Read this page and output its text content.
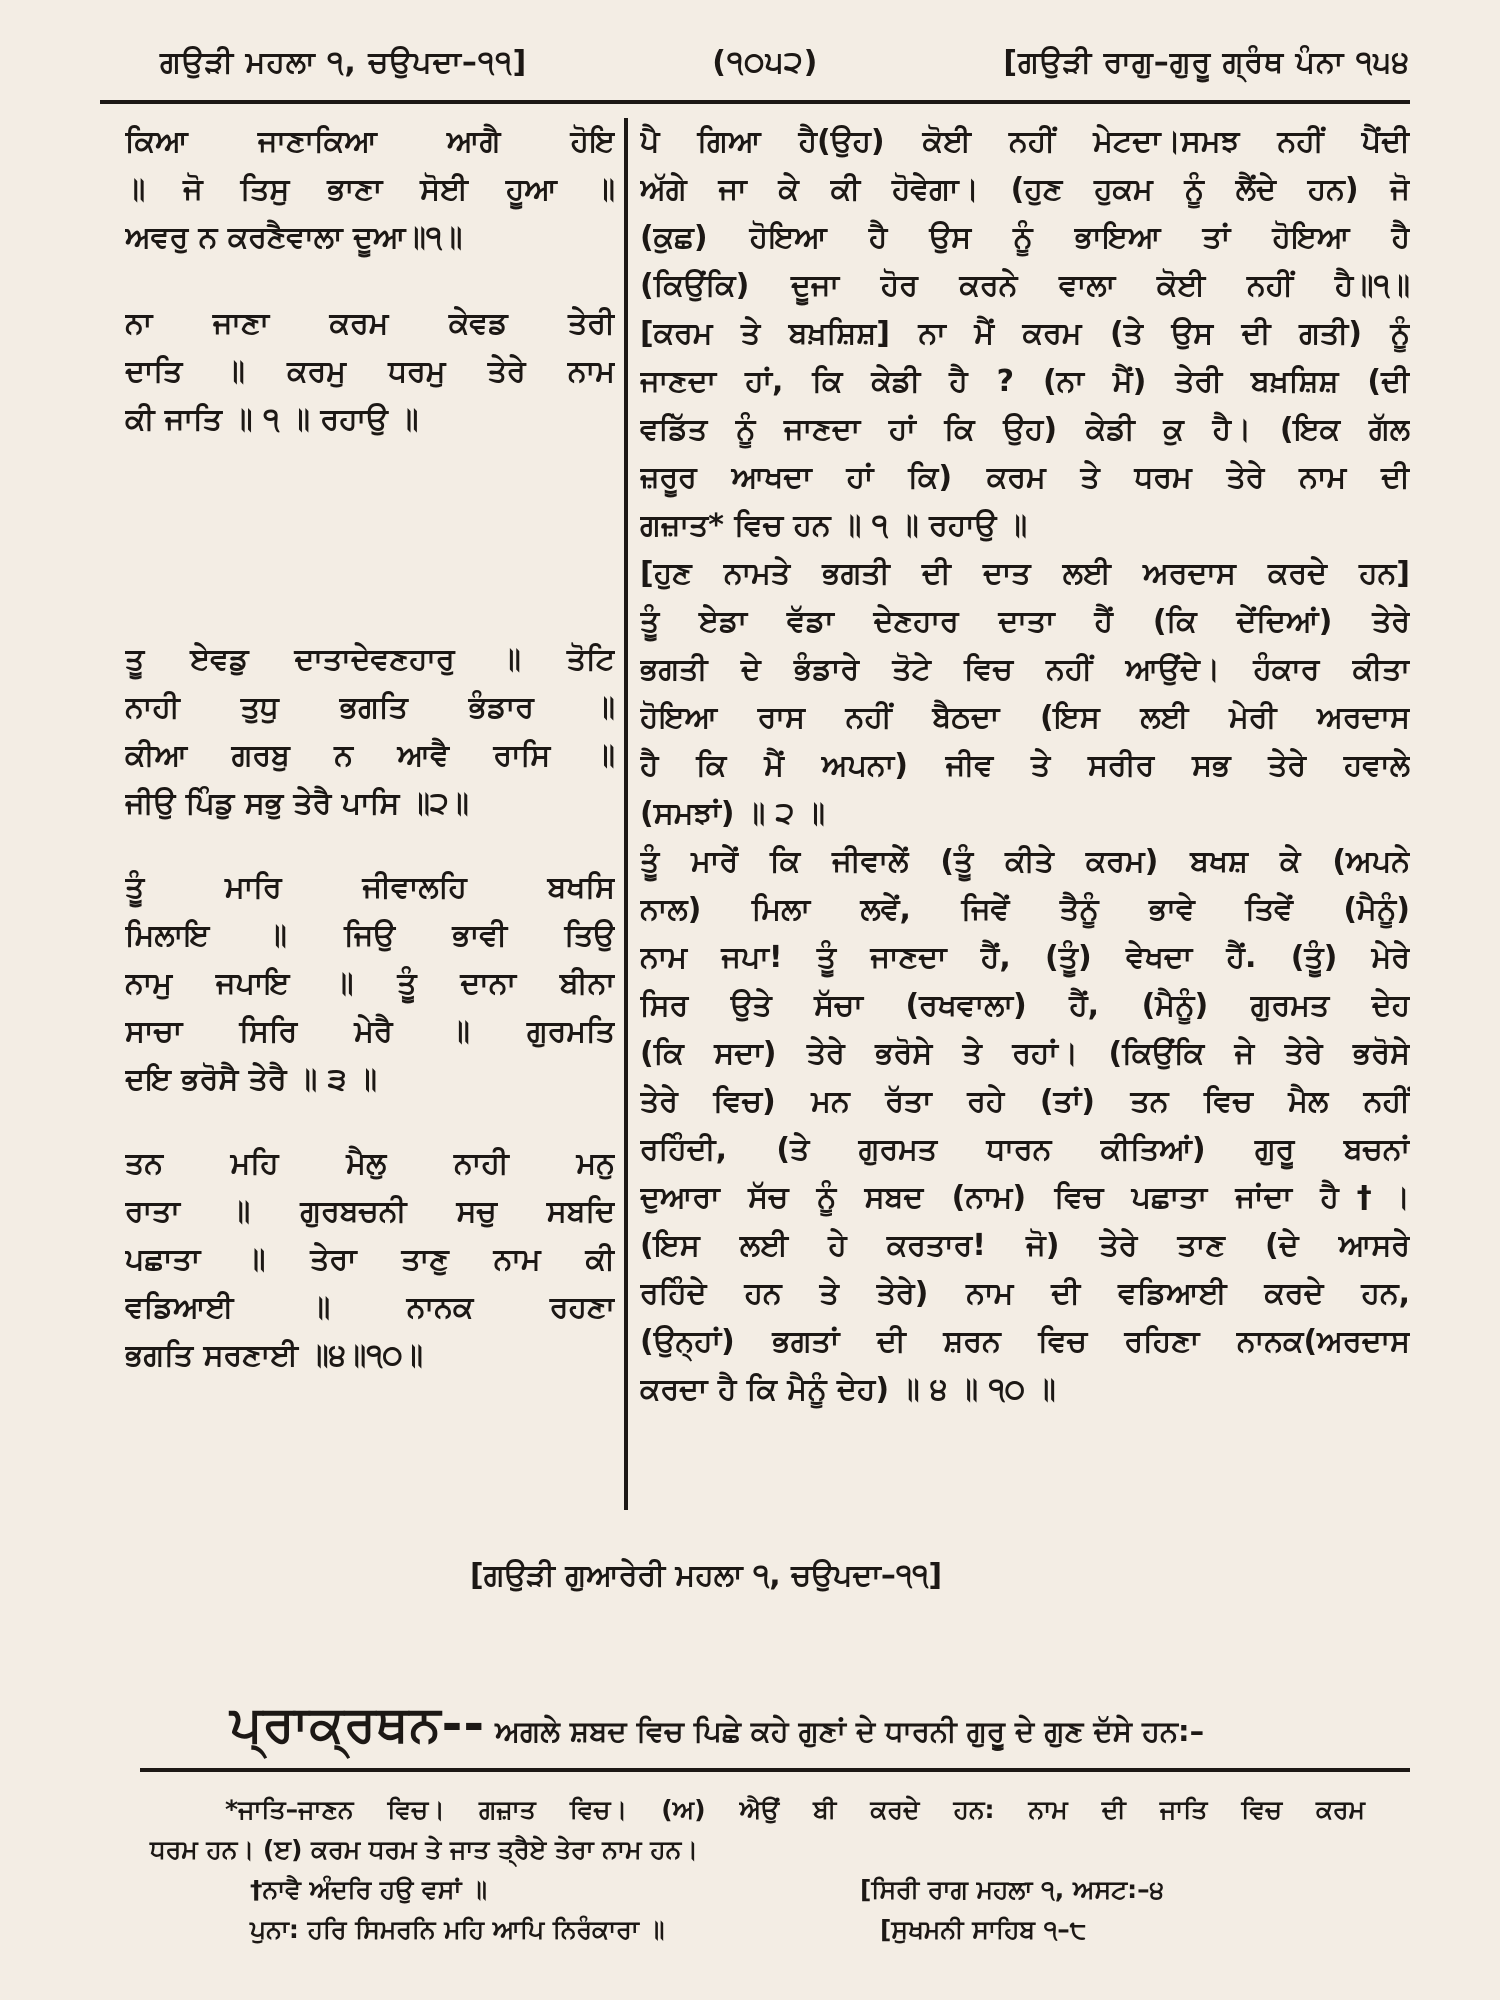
ਗਉੜੀ ਮਹਲਾ ੧, ਚਉਪਦਾ–੧੧]	(੧੦੫੨)	[ਗਉੜੀ ਰਾਗੁ–ਗੁਰੂ ਗ੍ਰੰਥ ਪੰਨਾ ੧੫੪
ਕਿਆ ਜਾਣਾਕਿਆ ਆਗੈ ਹੋਇ
॥ ਜੋ ਤਿਸੁ ਭਾਣਾ ਸੋਈ ਹੂਆ ॥
ਅਵਰੁ ਨ ਕਰਣੈਵਾਲਾ ਦੂਆ॥੧॥
ਨਾ ਜਾਣਾ ਕਰਮ ਕੇਵਡ ਤੇਰੀ
ਦਾਤਿ ॥ ਕਰਮੁ ਧਰਮੁ ਤੇਰੇ ਨਾਮ
ਕੀ ਜਾਤਿ ॥ ੧ ॥ ਰਹਾਉ ॥
ਤੂ ਏਵਡੁ ਦਾਤਾਦੇਵਣਹਾਰੁ ॥ ਤੋਟਿ
ਨਾਹੀ ਤੁਧੁ ਭਗਤਿ ਭੰਡਾਰ ॥
ਕੀਆ ਗਰਬੁ ਨ ਆਵੈ ਰਾਸਿ ॥
ਜੀਉ ਪਿੰਡੁ ਸਭੁ ਤੇਰੈ ਪਾਸਿ ॥੨॥
ਤੂੰ ਮਾਰਿ ਜੀਵਾਲਹਿ ਬਖਸਿ
ਮਿਲਾਇ ॥ ਜਿਉ ਭਾਵੀ ਤਿਉ
ਨਾਮੁ ਜਪਾਇ ॥ ਤੂੰ ਦਾਨਾ ਬੀਨਾ
ਸਾਚਾ ਸਿਰਿ ਮੇਰੈ ॥ ਗੁਰਮਤਿ
ਦਇ ਭਰੋਸੈ ਤੇਰੈ ॥ ੩ ॥
ਤਨ ਮਹਿ ਮੈਲੁ ਨਾਹੀ ਮਨੁ
ਰਾਤਾ ॥ ਗੁਰਬਚਨੀ ਸਚੁ ਸਬਦਿ
ਪਛਾਤਾ ॥ ਤੇਰਾ ਤਾਣੁ ਨਾਮ ਕੀ
ਵਡਿਆਈ ॥ ਨਾਨਕ ਰਹਣਾ
ਭਗਤਿ ਸਰਣਾਈ ॥੪॥੧੦॥
ਪੈ ਗਿਆ ਹੈ(ਉਹ) ਕੋਈ ਨਹੀਂ ਮੇਟਦਾ।ਸਮਝ ਨਹੀਂ ਪੈਂਦੀ
ਅੱਗੇ ਜਾ ਕੇ ਕੀ ਹੋਵੇਗਾ। (ਹੁਣ ਹੁਕਮ ਨੂੰ ਲੈਂਦੇ ਹਨ) ਜੋ
(ਕੁਛ) ਹੋਇਆ ਹੈ ਉਸ ਨੂੰ ਭਾਇਆ ਤਾਂ ਹੋਇਆ ਹੈ
(ਕਿਉਂਕਿ) ਦੂਜਾ ਹੋਰ ਕਰਨੇ ਵਾਲਾ ਕੋਈ ਨਹੀਂ ਹੈ॥੧॥
[ਕਰਮ ਤੇ ਬਖ਼ਸ਼ਿਸ਼] ਨਾ ਮੈਂ ਕਰਮ (ਤੇ ਉਸ ਦੀ ਗਤੀ) ਨੂੰ
ਜਾਣਦਾ ਹਾਂ, ਕਿ ਕੇਡੀ ਹੈ ? (ਨਾ ਮੈਂ) ਤੇਰੀ ਬਖ਼ਸ਼ਿਸ਼ (ਦੀ
ਵਡਿੱਤ ਨੂੰ ਜਾਣਦਾ ਹਾਂ ਕਿ ਉਹ) ਕੇਡੀ ਕੁ ਹੈ। (ਇਕ ਗੱਲ
ਜ਼ਰੂਰ ਆਖਦਾ ਹਾਂ ਕਿ) ਕਰਮ ਤੇ ਧਰਮ ਤੇਰੇ ਨਾਮ ਦੀ
ਗਜ਼ਾਤ* ਵਿਚ ਹਨ ॥ ੧ ॥ ਰਹਾਉ ॥
[ਹੁਣ ਨਾਮਤੇ ਭਗਤੀ ਦੀ ਦਾਤ ਲਈ ਅਰਦਾਸ ਕਰਦੇ ਹਨ]
ਤੂੰ ਏਡਾ ਵੱਡਾ ਦੇਣਹਾਰ ਦਾਤਾ ਹੈਂ (ਕਿ ਦੇਂਦਿਆਂ) ਤੇਰੇ
ਭਗਤੀ ਦੇ ਭੰਡਾਰੇ ਤੋਟੇ ਵਿਚ ਨਹੀਂ ਆਉਂਦੇ। ਹੰਕਾਰ ਕੀਤਾ
ਹੋਇਆ ਰਾਸ ਨਹੀਂ ਬੈਠਦਾ (ਇਸ ਲਈ ਮੇਰੀ ਅਰਦਾਸ
ਹੈ ਕਿ ਮੈਂ ਅਪਨਾ) ਜੀਵ ਤੇ ਸਰੀਰ ਸਭ ਤੇਰੇ ਹਵਾਲੇ
(ਸਮਝਾਂ) ॥ ੨ ॥
ਤੂੰ ਮਾਰੇਂ ਕਿ ਜੀਵਾਲੇਂ (ਤੂੰ ਕੀਤੇ ਕਰਮ) ਬਖਸ਼ ਕੇ (ਅਪਨੇ
ਨਾਲ) ਮਿਲਾ ਲਵੇਂ, ਜਿਵੇਂ ਤੈਨੂੰ ਭਾਵੇ ਤਿਵੇਂ (ਮੈਨੂੰ)
ਨਾਮ ਜਪਾ! ਤੂੰ ਜਾਣਦਾ ਹੈਂ, (ਤੂੰ) ਵੇਖਦਾ ਹੈਂ. (ਤੂੰ) ਮੇਰੇ
ਸਿਰ ਉਤੇ ਸੱਚਾ (ਰਖਵਾਲਾ) ਹੈਂ, (ਮੈਨੂੰ) ਗੁਰਮਤ ਦੇਹ
(ਕਿ ਸਦਾ) ਤੇਰੇ ਭਰੋਸੇ ਤੇ ਰਹਾਂ। (ਕਿਉਂਕਿ ਜੇ ਤੇਰੇ ਭਰੋਸੇ
ਤੇਰੇ ਵਿਚ) ਮਨ ਰੱਤਾ ਰਹੇ (ਤਾਂ) ਤਨ ਵਿਚ ਮੈਲ ਨਹੀਂ
ਰਹਿੰਦੀ, (ਤੇ ਗੁਰਮਤ ਧਾਰਨ ਕੀਤਿਆਂ) ਗੁਰੂ ਬਚਨਾਂ
ਦੁਆਰਾ ਸੱਚ ਨੂੰ ਸਬਦ (ਨਾਮ) ਵਿਚ ਪਛਾਤਾ ਜਾਂਦਾ ਹੈ†।
(ਇਸ ਲਈ ਹੇ ਕਰਤਾਰ! ਜੋ) ਤੇਰੇ ਤਾਣ (ਦੇ ਆਸਰੇ
ਰਹਿੰਦੇ ਹਨ ਤੇ ਤੇਰੇ) ਨਾਮ ਦੀ ਵਡਿਆਈ ਕਰਦੇ ਹਨ,
(ਉਨ੍ਹਾਂ) ਭਗਤਾਂ ਦੀ ਸ਼ਰਨ ਵਿਚ ਰਹਿਣਾ ਨਾਨਕ(ਅਰਦਾਸ
ਕਰਦਾ ਹੈ ਕਿ ਮੈਨੂੰ ਦੇਹ) ॥ ੪ ॥ ੧੦ ॥
[ਗਉੜੀ ਗੁਆਰੇਰੀ ਮਹਲਾ ੧, ਚਉਪਦਾ–੧੧]
ਪ੍ਰਾਕ੍ਰਥਨ-- ਅਗਲੇ ਸ਼ਬਦ ਵਿਚ ਪਿਛੇ ਕਹੇ ਗੁਣਾਂ ਦੇ ਧਾਰਨੀ ਗੁਰੂ ਦੇ ਗੁਣ ਦੱਸੇ ਹਨ:–
*ਜਾਤਿ–ਜਾਣਨ ਵਿਚ। ਗਜ਼ਾਤ ਵਿਚ। (ਅ) ਐਉਂ ਬੀ ਕਰਦੇ ਹਨ: ਨਾਮ ਦੀ ਜਾਤਿ ਵਿਚ ਕਰਮ
ਧਰਮ ਹਨ। (ੲ) ਕਰਮ ਧਰਮ ਤੇ ਜਾਤ ਤ੍ਰੈਏ ਤੇਰਾ ਨਾਮ ਹਨ।
†ਨਾਵੈ ਅੰਦਰਿ ਹਉ ਵਸਾਂ ॥	[ਸਿਰੀ ਰਾਗ ਮਹਲਾ ੧, ਅਸਟ:–੪
ਪੁਨਾ: ਹਰਿ ਸਿਮਰਨਿ ਮਹਿ ਆਪਿ ਨਿਰੰਕਾਰਾ ॥	[ਸੁਖਮਨੀ ਸਾਹਿਬ ੧–੮
